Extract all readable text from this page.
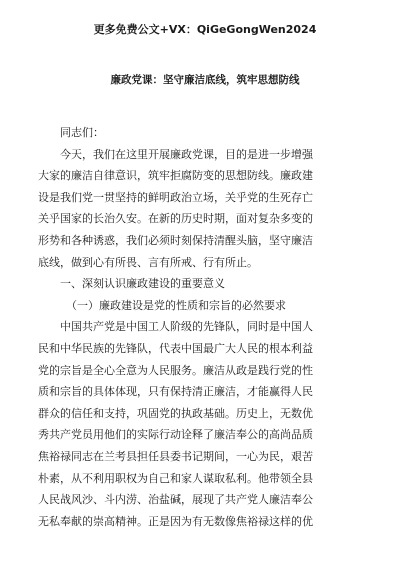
更多免费公文+VX：QiGeGongWen2024
廉政党课：坚守廉洁底线，筑牢思想防线
同志们：
今天，我们在这里开展廉政党课，目的是进一步增强
大家的廉洁自律意识，筑牢拒腐防变的思想防线。廉政建
设是我们党一贯坚持的鲜明政治立场，关乎党的生死存亡
关乎国家的长治久安。在新的历史时期，面对复杂多变的
形势和各种诱惑，我们必须时刻保持清醒头脑，坚守廉洁
底线，做到心有所畏、言有所戒、行有所止。
一、深刻认识廉政建设的重要意义
（一）廉政建设是党的性质和宗旨的必然要求
中国共产党是中国工人阶级的先锋队，同时是中国人
民和中华民族的先锋队，代表中国最广大人民的根本利益
党的宗旨是全心全意为人民服务。廉洁从政是践行党的性
质和宗旨的具体体现，只有保持清正廉洁，才能赢得人民
群众的信任和支持，巩固党的执政基础。历史上，无数优
秀共产党员用他们的实际行动诠释了廉洁奉公的高尚品质
焦裕禄同志在兰考县担任县委书记期间，一心为民，艰苦
朴素，从不利用职权为自己和家人谋取私利。他带领全县
人民战风沙、斗内涝、治盐碱，展现了共产党人廉洁奉公
无私奉献的崇高精神。正是因为有无数像焦裕禄这样的优
